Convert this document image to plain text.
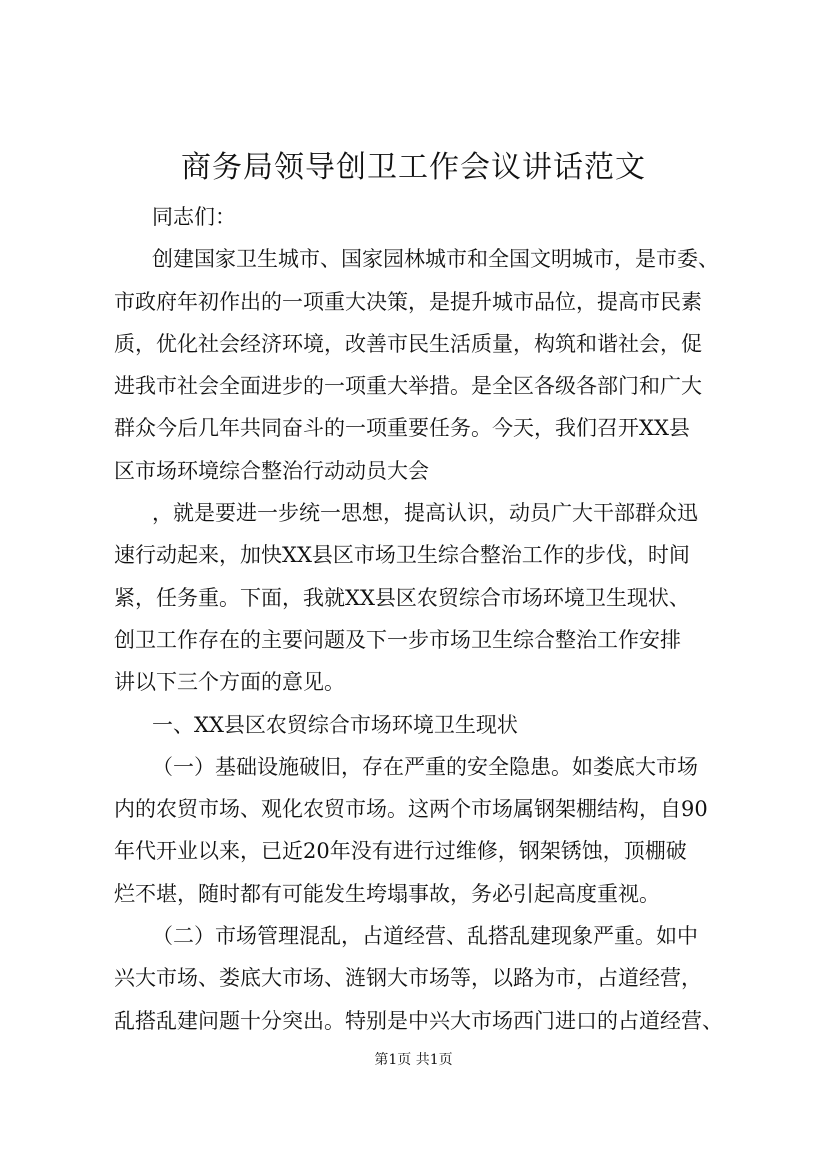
商务局领导创卫工作会议讲话范文
同志们：
创建国家卫生城市、国家园林城市和全国文明城市，是市委、
市政府年初作出的一项重大决策，是提升城市品位，提高市民素
质，优化社会经济环境，改善市民生活质量，构筑和谐社会，促
进我市社会全面进步的一项重大举措。是全区各级各部门和广大
群众今后几年共同奋斗的一项重要任务。今天，我们召开XX县
区市场环境综合整治行动动员大会
，就是要进一步统一思想，提高认识，动员广大干部群众迅
速行动起来，加快XX县区市场卫生综合整治工作的步伐，时间
紧，任务重。下面，我就XX县区农贸综合市场环境卫生现状、
创卫工作存在的主要问题及下一步市场卫生综合整治工作安排
讲以下三个方面的意见。
一、XX县区农贸综合市场环境卫生现状
（一）基础设施破旧，存在严重的安全隐患。如娄底大市场
内的农贸市场、观化农贸市场。这两个市场属钢架棚结构，自90
年代开业以来，已近20年没有进行过维修，钢架锈蚀，顶棚破
烂不堪，随时都有可能发生垮塌事故，务必引起高度重视。
（二）市场管理混乱，占道经营、乱搭乱建现象严重。如中
兴大市场、娄底大市场、涟钢大市场等，以路为市，占道经营，
乱搭乱建问题十分突出。特别是中兴大市场西门进口的占道经营、
第1页 共1页
